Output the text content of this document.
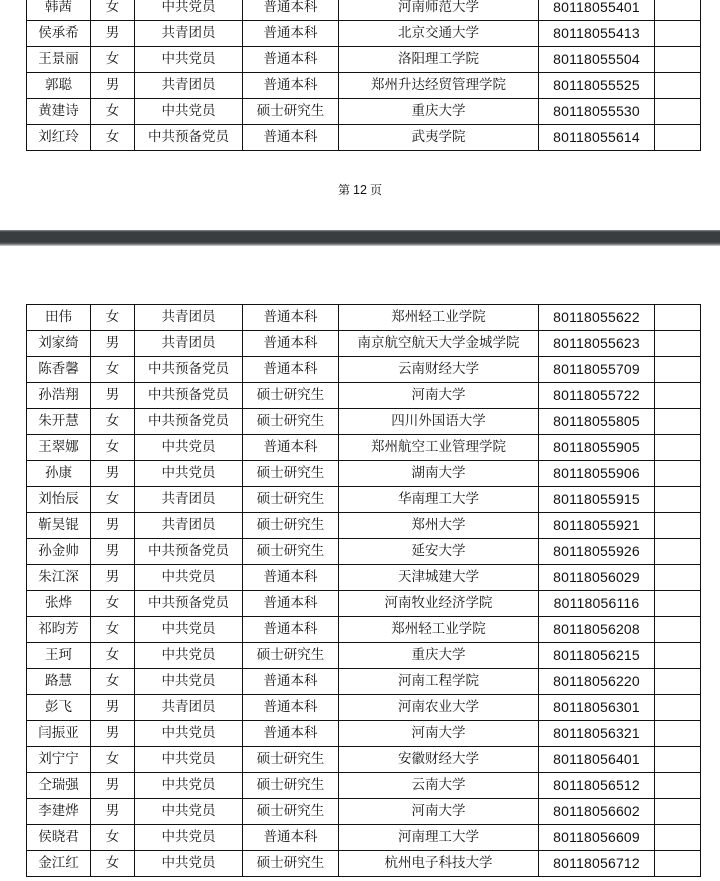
韩茜	女	中共党员	普通本科	河南师范大学	80118055401	
侯承希	男	共青团员	普通本科	北京交通大学	80118055413	
王景丽	女	中共党员	普通本科	洛阳理工学院	80118055504	
郭聪	男	共青团员	普通本科	郑州升达经贸管理学院	80118055525	
黄建诗	女	中共党员	硕士研究生	重庆大学	80118055530	
刘红玲	女	中共预备党员	普通本科	武夷学院	80118055614	
第 12 页
田伟	女	共青团员	普通本科	郑州轻工业学院	80118055622	
刘家绮	男	共青团员	普通本科	南京航空航天大学金城学院	80118055623	
陈香馨	女	中共预备党员	普通本科	云南财经大学	80118055709	
孙浩翔	男	中共预备党员	硕士研究生	河南大学	80118055722	
朱开慧	女	中共预备党员	硕士研究生	四川外国语大学	80118055805	
王翠娜	女	中共党员	普通本科	郑州航空工业管理学院	80118055905	
孙康	男	中共党员	硕士研究生	湖南大学	80118055906	
刘怡辰	女	共青团员	硕士研究生	华南理工大学	80118055915	
靳昊锟	男	共青团员	硕士研究生	郑州大学	80118055921	
孙金帅	男	中共预备党员	硕士研究生	延安大学	80118055926	
朱江深	男	中共党员	普通本科	天津城建大学	80118056029	
张烨	女	中共预备党员	普通本科	河南牧业经济学院	80118056116	
祁昀芳	女	中共党员	普通本科	郑州轻工业学院	80118056208	
王珂	女	中共党员	硕士研究生	重庆大学	80118056215	
路慧	女	中共党员	普通本科	河南工程学院	80118056220	
彭飞	男	共青团员	普通本科	河南农业大学	80118056301	
闫振亚	男	中共党员	普通本科	河南大学	80118056321	
刘宁宁	女	中共党员	硕士研究生	安徽财经大学	80118056401	
仝瑞强	男	中共党员	硕士研究生	云南大学	80118056512	
李建烨	男	中共党员	硕士研究生	河南大学	80118056602	
侯晓君	女	中共党员	普通本科	河南理工大学	80118056609	
金江红	女	中共党员	硕士研究生	杭州电子科技大学	80118056712	
